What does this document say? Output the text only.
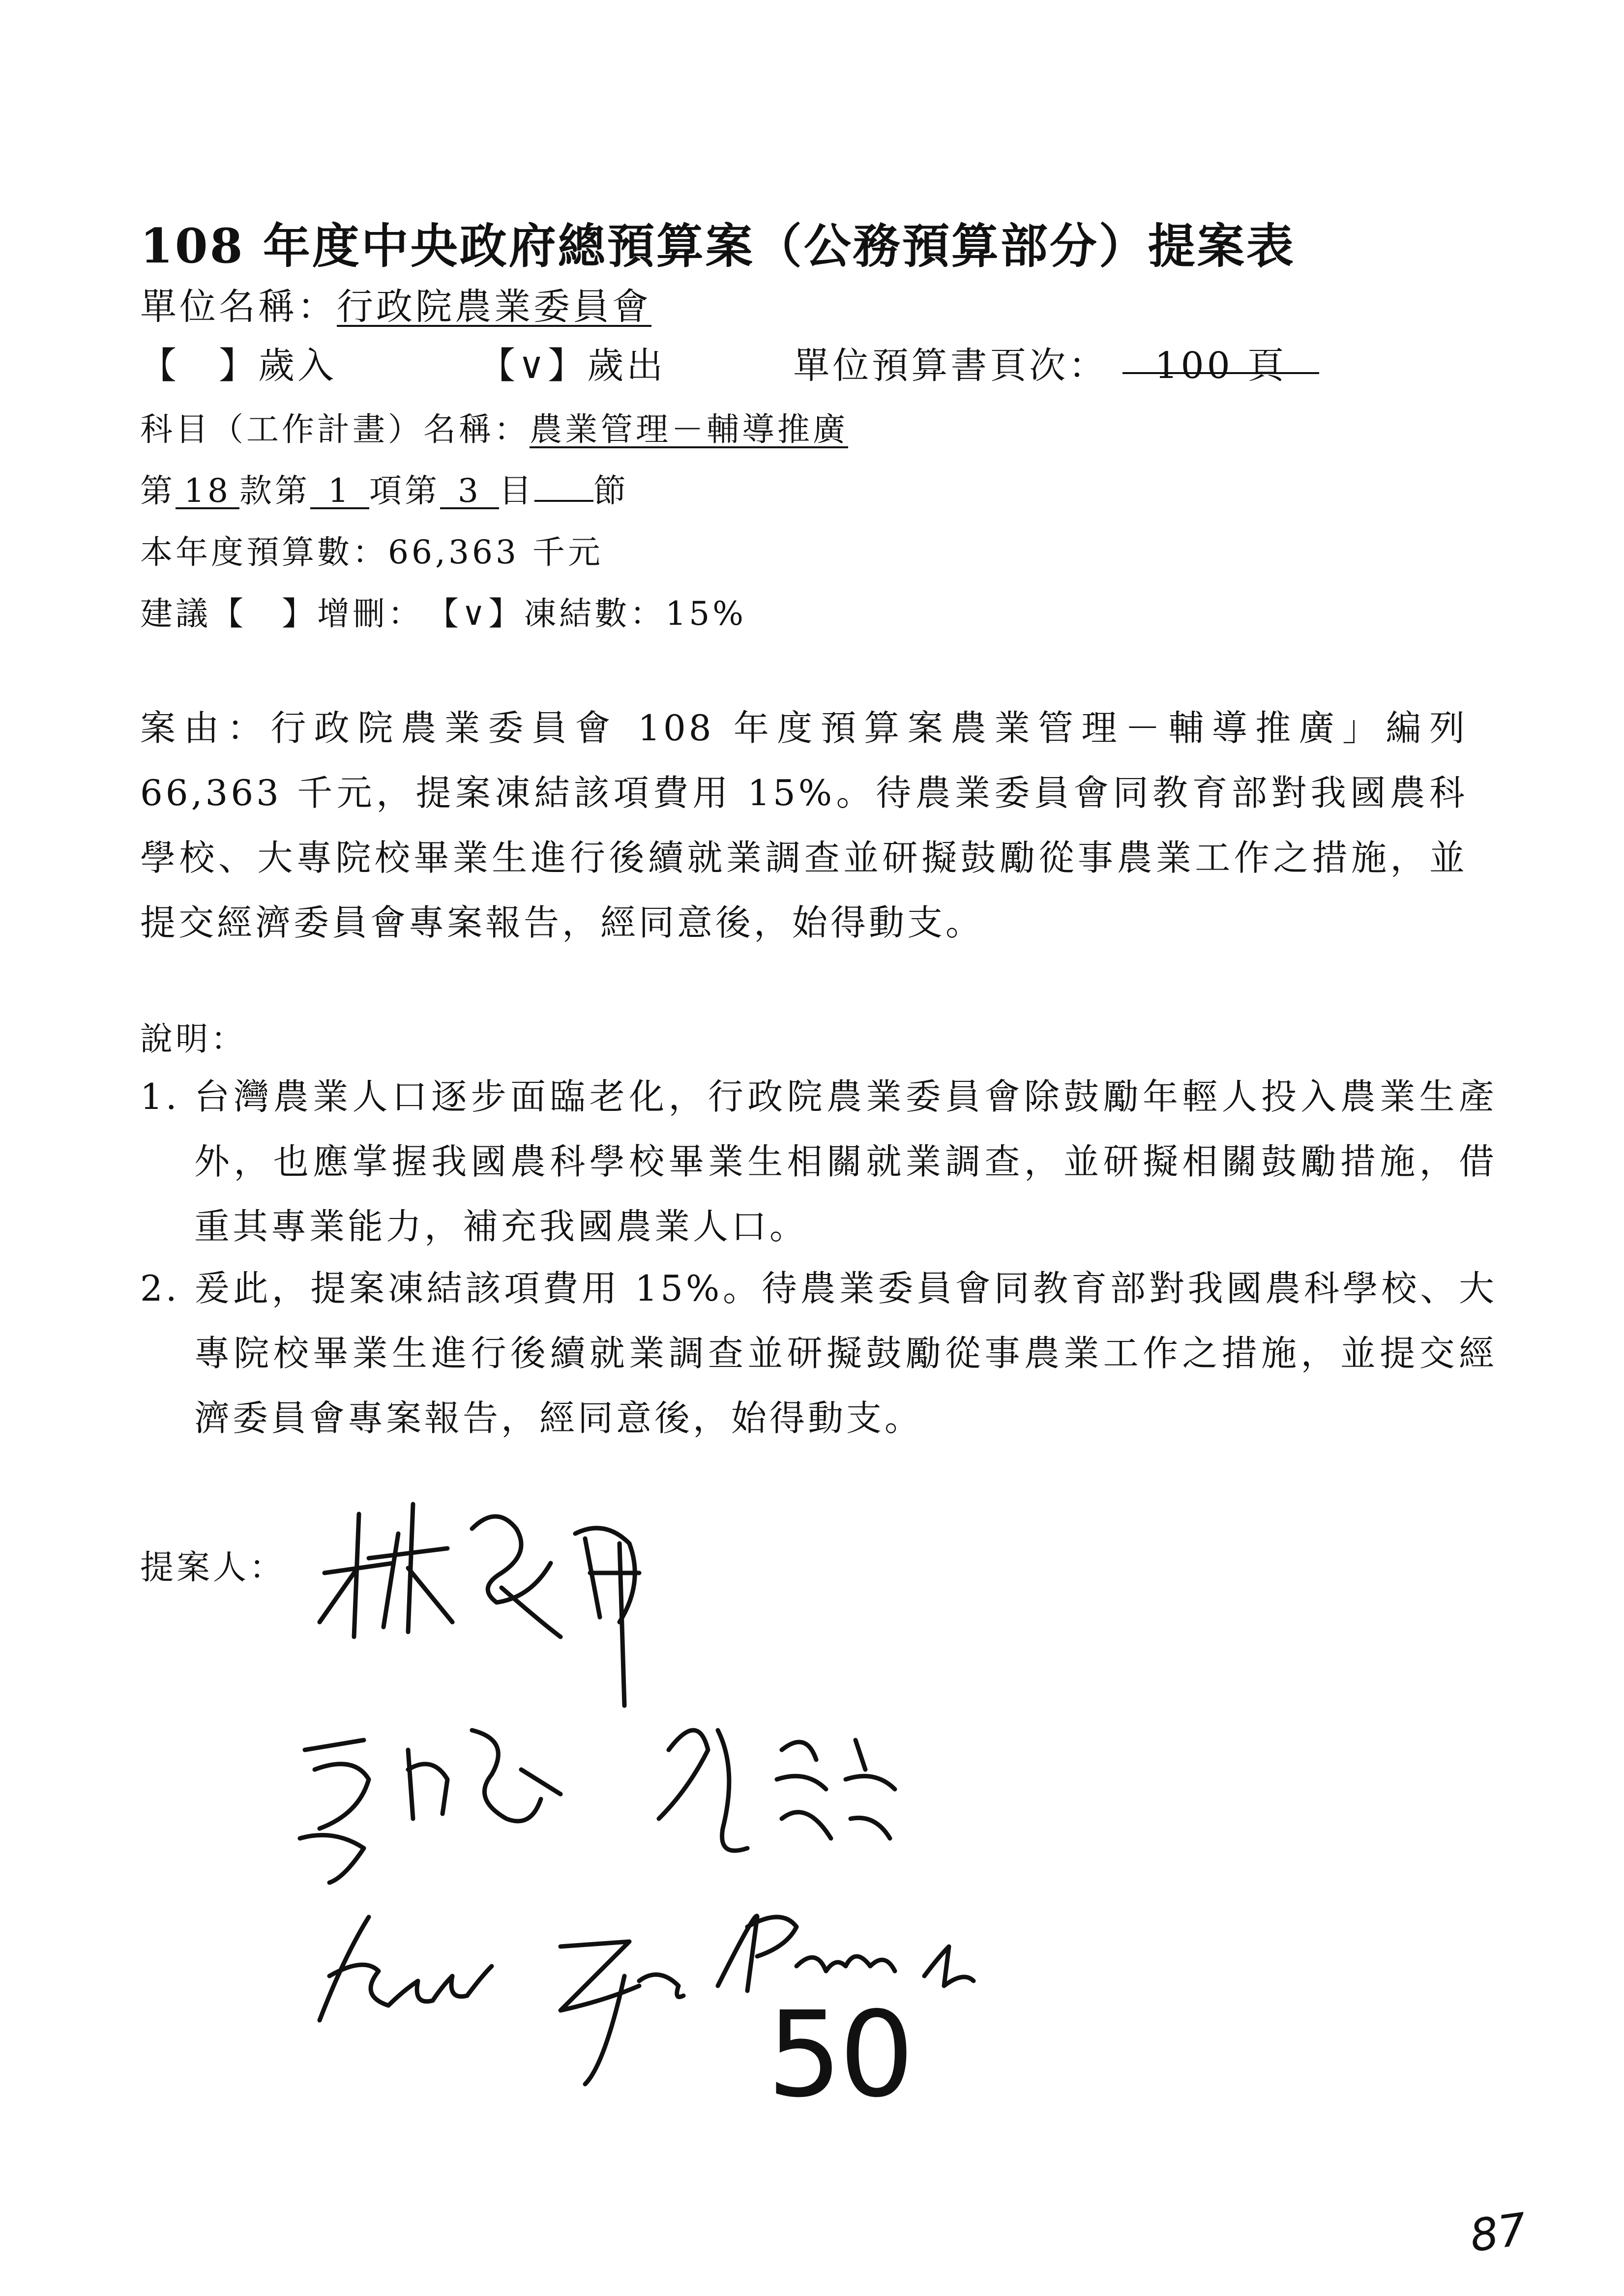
108 年度中央政府總預算案（公務預算部分）提案表
單位名稱：行政院農業委員會
【　】歲入	【∨】歲出	單位預算書頁次： 100 頁
科目（工作計畫）名稱：農業管理－輔導推廣
第 18 款第 1 項第 3 目 節
本年度預算數：66,363 千元
建議【　】增刪：　【∨】凍結數：15%
案由：行政院農業委員會 108 年度預算案農業管理－輔導推廣」編列 66,363 千元，提案凍結該項費用 15%。待農業委員會同教育部對我國農科學校、大專院校畢業生進行後續就業調查並研擬鼓勵從事農業工作之措施，並提交經濟委員會專案報告，經同意後，始得動支。
說明：
1. 台灣農業人口逐步面臨老化，行政院農業委員會除鼓勵年輕人投入農業生產外，也應掌握我國農科學校畢業生相關就業調查，並研擬相關鼓勵措施，借重其專業能力，補充我國農業人口。
2. 爰此，提案凍結該項費用 15%。待農業委員會同教育部對我國農科學校、大專院校畢業生進行後續就業調查並研擬鼓勵從事農業工作之措施，並提交經濟委員會專案報告，經同意後，始得動支。
提案人：
50
87
